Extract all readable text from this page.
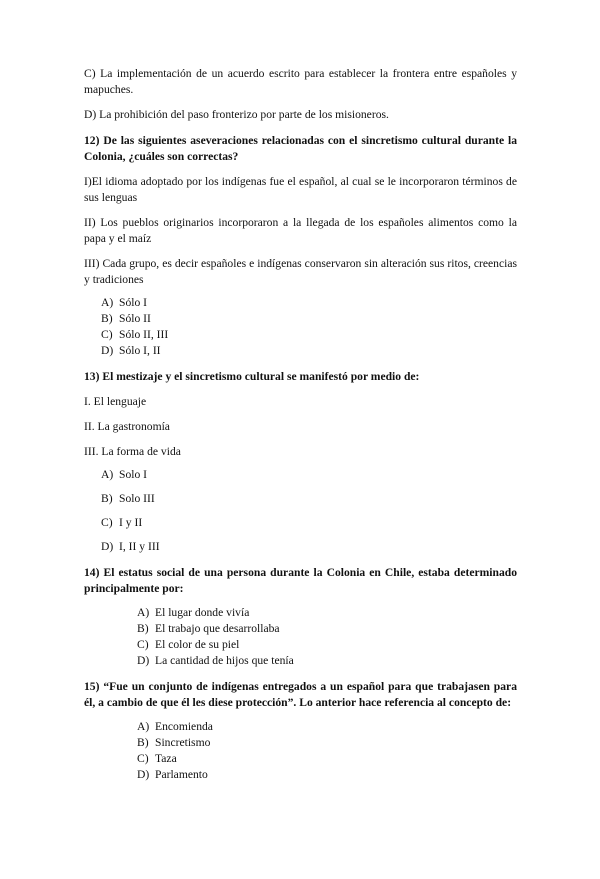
C) La implementación de un acuerdo escrito para establecer la frontera entre españoles y mapuches.

D) La prohibición del paso fronterizo por parte de los misioneros.

12) De las siguientes aseveraciones relacionadas con el sincretismo cultural durante la Colonia, ¿cuáles son correctas?

I)El idioma adoptado por los indígenas fue el español, al cual se le incorporaron términos de sus lenguas

II) Los pueblos originarios incorporaron a la llegada de los españoles alimentos como la papa y el maíz

III) Cada grupo, es decir españoles e indígenas conservaron sin alteración sus ritos, creencias y tradiciones

A) Sólo I
B) Sólo II
C) Sólo II, III
D) Sólo I, II

13) El mestizaje y el sincretismo cultural se manifestó por medio de:

I. El lenguaje

II. La gastronomía

III. La forma de vida

A) Solo I
B) Solo III
C) I y II
D) I, II y III

14) El estatus social de una persona durante la Colonia en Chile, estaba determinado principalmente por:

A) El lugar donde vivía
B) El trabajo que desarrollaba
C) El color de su piel
D) La cantidad de hijos que tenía

15) “Fue un conjunto de indígenas entregados a un español para que trabajasen para él, a cambio de que él les diese protección”. Lo anterior hace referencia al concepto de:

A) Encomienda
B) Sincretismo
C) Taza
D) Parlamento
